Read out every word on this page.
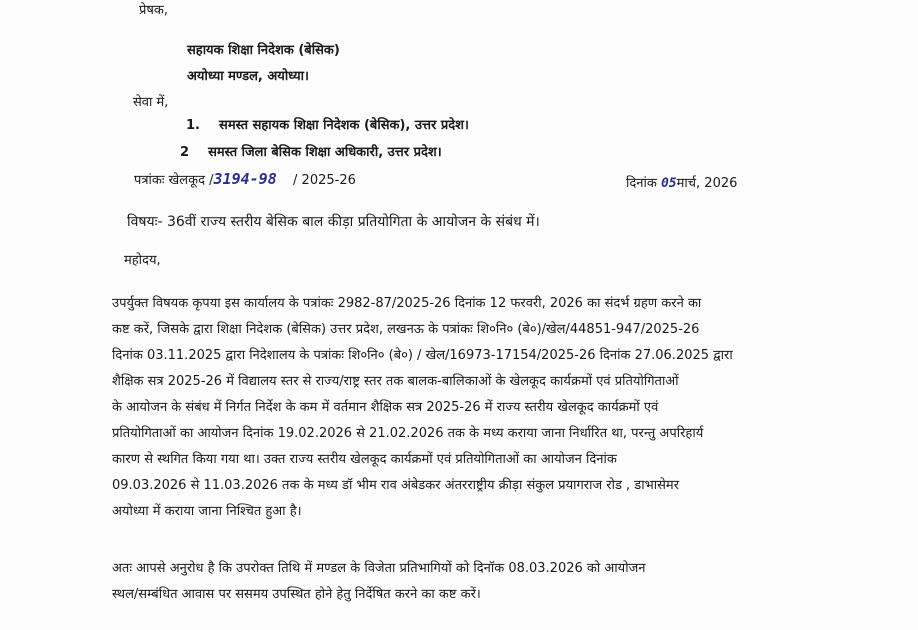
प्रेषक,
सहायक शिक्षा निदेशक (बेसिक)
अयोध्या मण्डल, अयोध्या।
सेवा में,
1. समस्त सहायक शिक्षा निदेशक (बेसिक), उत्तर प्रदेश।
2 समस्त जिला बेसिक शिक्षा अधिकारी, उत्तर प्रदेश।
पत्रांकः खेलकूद /3194-98 / 2025-26	दिनांक 05मार्च, 2026
विषयः- 36वीं राज्य स्तरीय बेसिक बाल कीड़ा प्रतियोगिता के आयोजन के संबंध में।
महोदय,
उपर्युक्त विषयक कृपया इस कार्यालय के पत्रांकः 2982-87/2025-26 दिनांक 12 फरवरी, 2026 का संदर्भ ग्रहण करने का
कष्ट करें, जिसके द्वारा शिक्षा निदेशक (बेसिक) उत्तर प्रदेश, लखनऊ के पत्रांकः शि०नि० (बे०)/खेल/44851-947/2025-26
दिनांक 03.11.2025 द्वारा निदेशालय के पत्रांकः शि०नि० (बे०) / खेल/16973-17154/2025-26 दिनांक 27.06.2025 द्वारा
शैक्षिक सत्र 2025-26 में विद्यालय स्तर से राज्य/राष्ट्र स्तर तक बालक-बालिकाओं के खेलकूद कार्यक्रमों एवं प्रतियोगिताओं
के आयोजन के संबंध में निर्गत निर्देश के कम में वर्तमान शैक्षिक सत्र 2025-26 में राज्य स्तरीय खेलकूद कार्यक्रमों एवं
प्रतियोगिताओं का आयोजन दिनांक 19.02.2026 से 21.02.2026 तक के मध्य कराया जाना निर्धारित था, परन्तु अपरिहार्य
कारण से स्थगित किया गया था। उक्त राज्य स्तरीय खेलकूद कार्यक्रमों एवं प्रतियोगिताओं का आयोजन दिनांक
09.03.2026 से 11.03.2026 तक के मध्य डॉ भीम राव अंबेडकर अंतरराष्ट्रीय क्रीड़ा संकुल प्रयागराज रोड , डाभासेमर
अयोध्या में कराया जाना निश्चित हुआ है।
अतः आपसे अनुरोध है कि उपरोक्त तिथि में मण्डल के विजेता प्रतिभागियों को दिनॉक 08.03.2026 को आयोजन
स्थल/सम्बंधित आवास पर ससमय उपस्थित होने हेतु निर्देषित करने का कष्ट करें।
